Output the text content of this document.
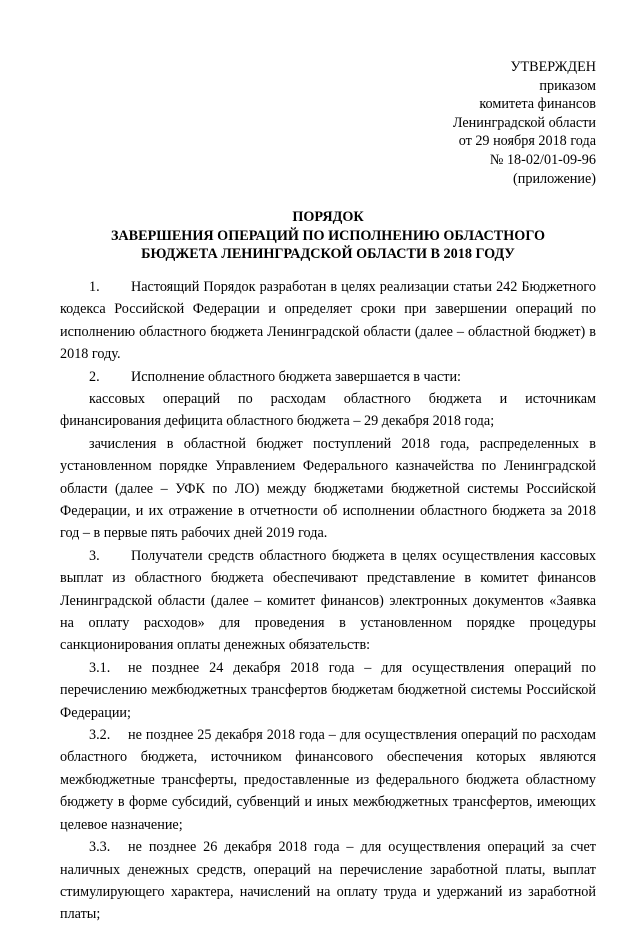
УТВЕРЖДЕН
приказом
комитета финансов
Ленинградской области
от 29 ноября 2018 года
№ 18-02/01-09-96
(приложение)
ПОРЯДОК
ЗАВЕРШЕНИЯ ОПЕРАЦИЙ ПО ИСПОЛНЕНИЮ ОБЛАСТНОГО
БЮДЖЕТА ЛЕНИНГРАДСКОЙ ОБЛАСТИ В 2018 ГОДУ

1. Настоящий Порядок разработан в целях реализации статьи 242 Бюджетного кодекса Российской Федерации и определяет сроки при завершении операций по исполнению областного бюджета Ленинградской области (далее – областной бюджет) в 2018 году.

2. Исполнение областного бюджета завершается в части:

кассовых операций по расходам областного бюджета и источникам финансирования дефицита областного бюджета – 29 декабря 2018 года;

зачисления в областной бюджет поступлений 2018 года, распределенных в установленном порядке Управлением Федерального казначейства по Ленинградской области (далее – УФК по ЛО) между бюджетами бюджетной системы Российской Федерации, и их отражение в отчетности об исполнении областного бюджета за 2018 год – в первые пять рабочих дней 2019 года.

3. Получатели средств областного бюджета в целях осуществления кассовых выплат из областного бюджета обеспечивают представление в комитет финансов Ленинградской области (далее – комитет финансов) электронных документов «Заявка на оплату расходов» для проведения в установленном порядке процедуры санкционирования оплаты денежных обязательств:

3.1. не позднее 24 декабря 2018 года – для осуществления операций по перечислению межбюджетных трансфертов бюджетам бюджетной системы Российской Федерации;

3.2. не позднее 25 декабря 2018 года – для осуществления операций по расходам областного бюджета, источником финансового обеспечения которых являются межбюджетные трансферты, предоставленные из федерального бюджета областному бюджету в форме субсидий, субвенций и иных межбюджетных трансфертов, имеющих целевое назначение;

3.3. не позднее 26 декабря 2018 года – для осуществления операций за счет наличных денежных средств, операций на перечисление заработной платы, выплат стимулирующего характера, начислений на оплату труда и удержаний из заработной платы;
